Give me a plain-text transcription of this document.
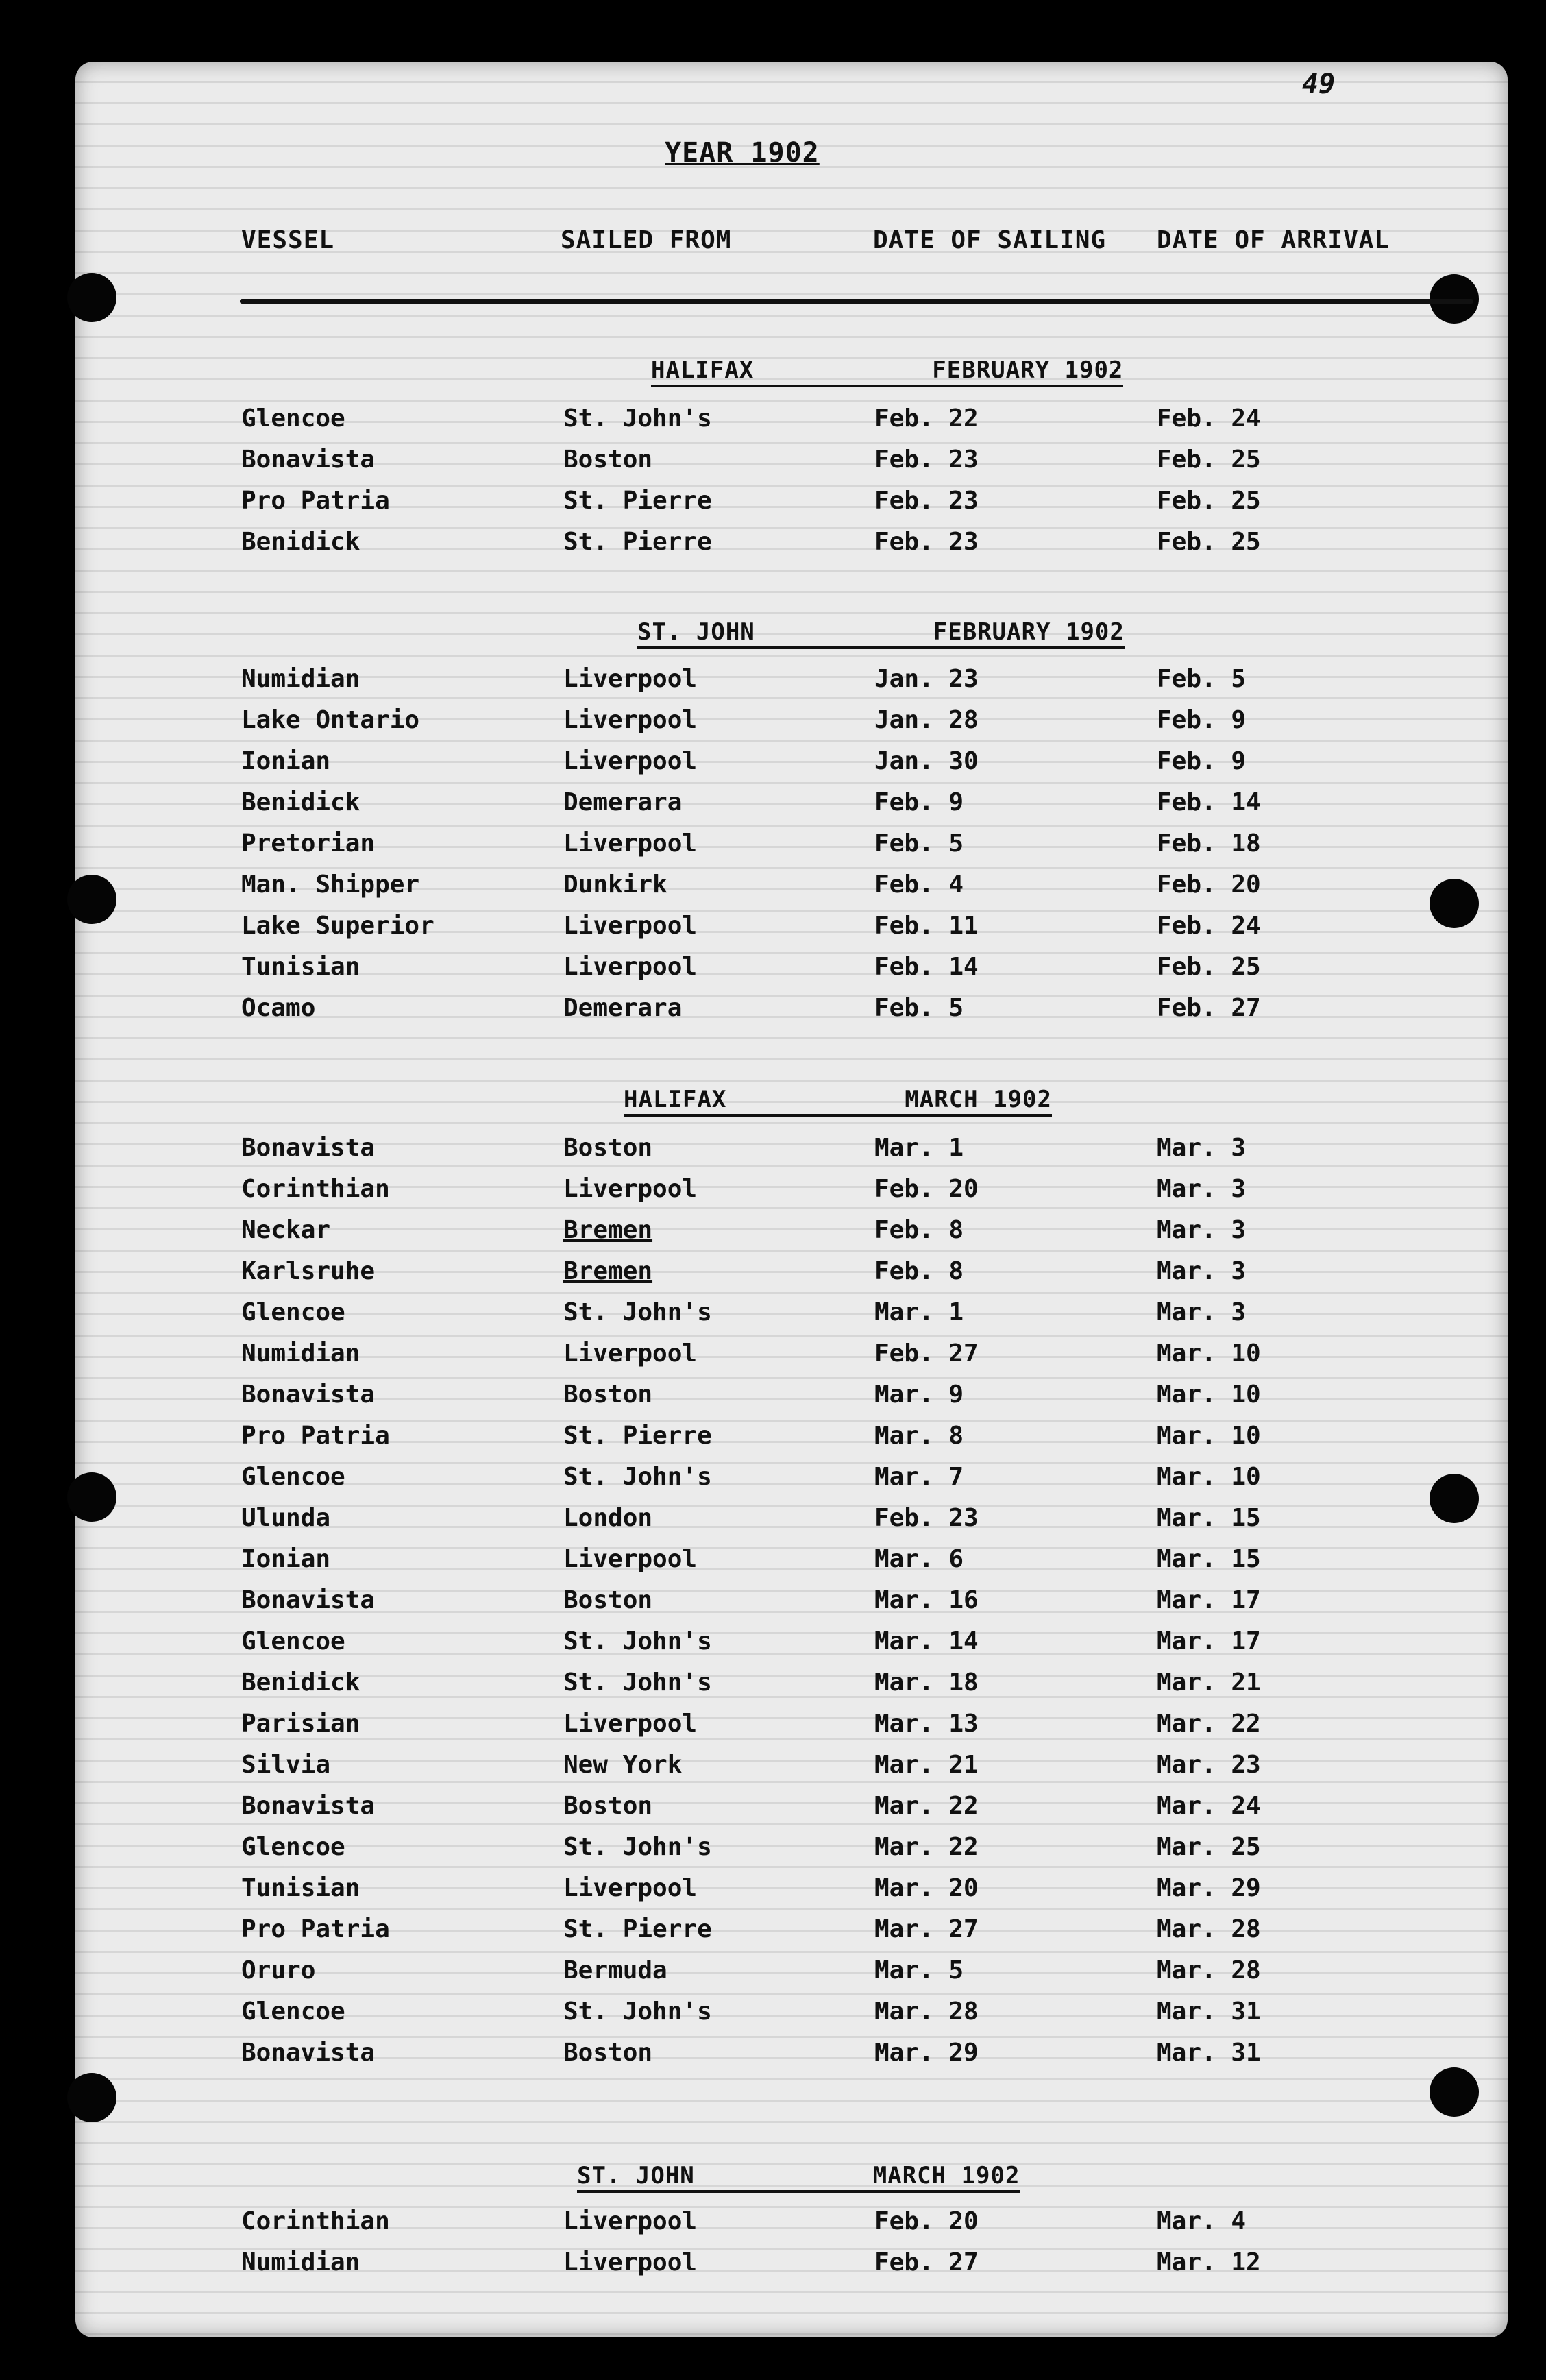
49
YEAR 1902
VESSEL	SAILED FROM	DATE OF SAILING DATE OF ARRIVAL
HALIFAX	FEBRUARY 1902
Glencoe	St. John's	Feb. 22	Feb. 24
Bonavista	Boston	Feb. 23	Feb. 25
Pro Patria	St. Pierre	Feb. 23	Feb. 25
Benidick	St. Pierre	Feb. 23	Feb. 25
ST. JOHN	FEBRUARY 1902
Numidian	Liverpool	Jan. 23	Feb. 5
Lake Ontario	Liverpool	Jan. 28	Feb. 9
Ionian	Liverpool	Jan. 30	Feb. 9
Benidick	Demerara	Feb. 9	Feb. 14
Pretorian	Liverpool	Feb. 5	Feb. 18
Man. Shipper	Dunkirk	Feb. 4	Feb. 20
Lake Superior	Liverpool	Feb. 11	Feb. 24
Tunisian	Liverpool	Feb. 14	Feb. 25
Ocamo	Demerara	Feb. 5	Feb. 27
HALIFAX	MARCH 1902
Bonavista	Boston	Mar. 1	Mar. 3
Corinthian	Liverpool	Feb. 20	Mar. 3
Neckar	Bremen	Feb. 8	Mar. 3
Karlsruhe	Bremen	Feb. 8	Mar. 3
Glencoe	St. John's	Mar. 1	Mar. 3
Numidian	Liverpool	Feb. 27	Mar. 10
Bonavista	Boston	Mar. 9	Mar. 10
Pro Patria	St. Pierre	Mar. 8	Mar. 10
Glencoe	St. John's	Mar. 7	Mar. 10
Ulunda	London	Feb. 23	Mar. 15
Ionian	Liverpool	Mar. 6	Mar. 15
Bonavista	Boston	Mar. 16	Mar. 17
Glencoe	St. John's	Mar. 14	Mar. 17
Benidick	St. John's	Mar. 18	Mar. 21
Parisian	Liverpool	Mar. 13	Mar. 22
Silvia	New York	Mar. 21	Mar. 23
Bonavista	Boston	Mar. 22	Mar. 24
Glencoe	St. John's	Mar. 22	Mar. 25
Tunisian	Liverpool	Mar. 20	Mar. 29
Pro Patria	St. Pierre	Mar. 27	Mar. 28
Oruro	Bermuda	Mar. 5	Mar. 28
Glencoe	St. John's	Mar. 28	Mar. 31
Bonavista	Boston	Mar. 29	Mar. 31
ST. JOHN	MARCH 1902
Corinthian	Liverpool	Feb. 20	Mar. 4
Numidian	Liverpool	Feb. 27	Mar. 12
